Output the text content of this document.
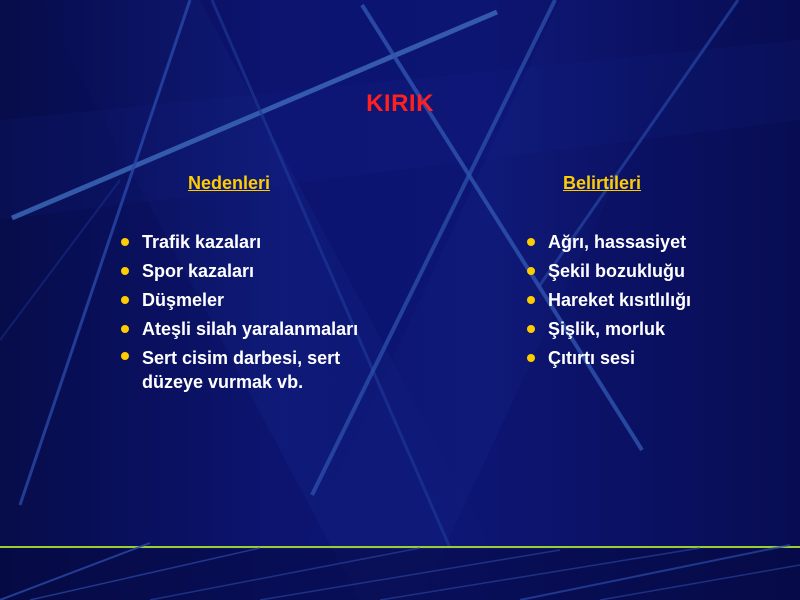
KIRIK
Nedenleri	Belirtileri
Trafik kazaları
Spor kazaları
Düşmeler
Ateşli silah yaralanmaları
Sert cisim darbesi, sert düzeye vurmak vb.
Ağrı, hassasiyet
Şekil bozukluğu
Hareket kısıtlılığı
Şişlik, morluk
Çıtırtı sesi
